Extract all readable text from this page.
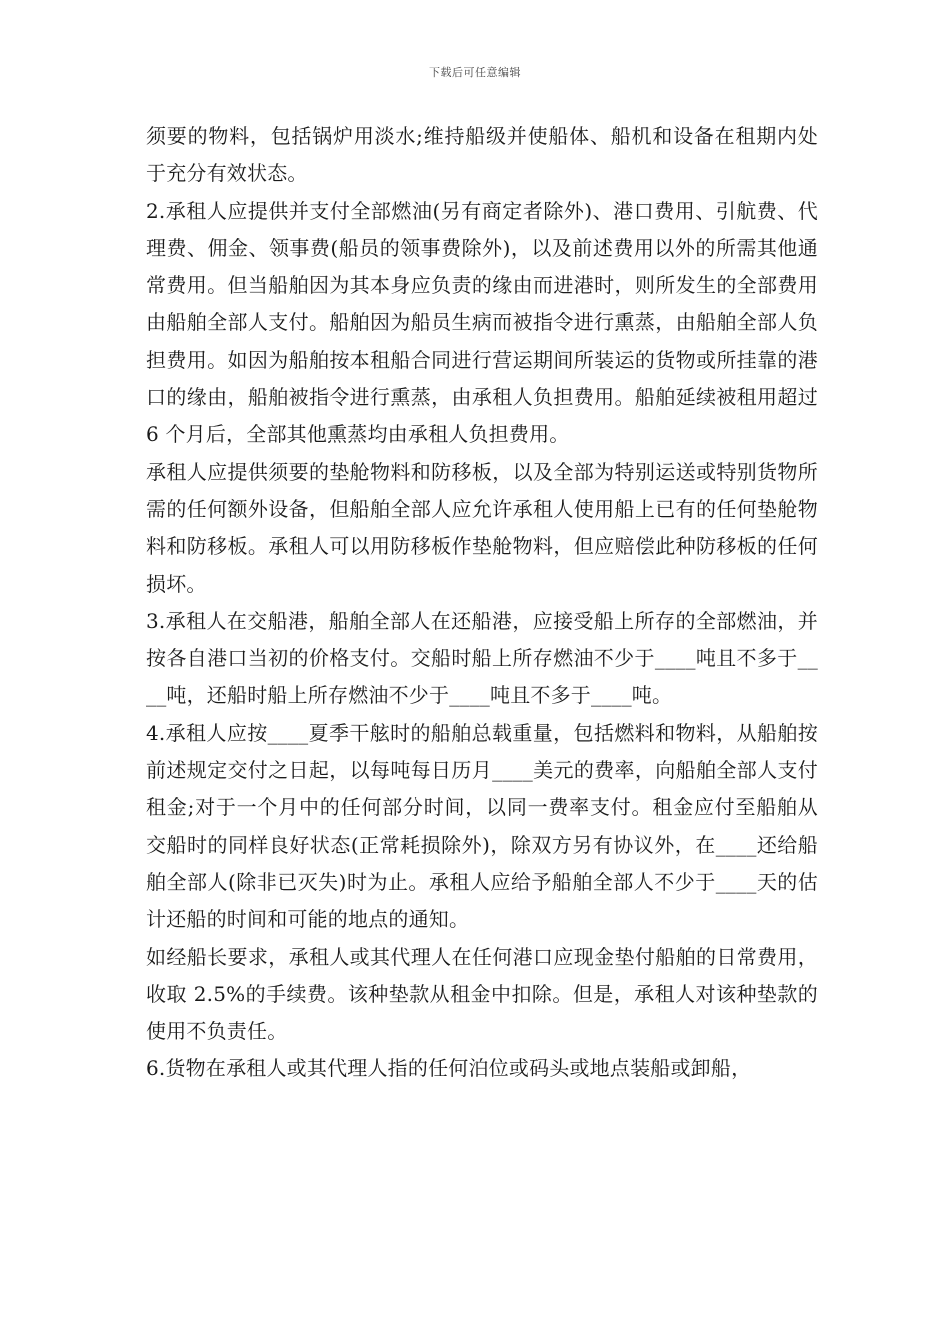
下载后可任意编辑

须要的物料，包括锅炉用淡水;维持船级并使船体、船机和设备在租期内处于充分有效状态。

2.承租人应提供并支付全部燃油(另有商定者除外)、港口费用、引航费、代理费、佣金、领事费(船员的领事费除外)，以及前述费用以外的所需其他通常费用。但当船舶因为其本身应负责的缘由而进港时，则所发生的全部费用由船舶全部人支付。船舶因为船员生病而被指令进行熏蒸，由船舶全部人负担费用。如因为船舶按本租船合同进行营运期间所装运的货物或所挂靠的港口的缘由，船舶被指令进行熏蒸，由承租人负担费用。船舶延续被租用超过 6 个月后，全部其他熏蒸均由承租人负担费用。

承租人应提供须要的垫舱物料和防移板，以及全部为特别运送或特别货物所需的任何额外设备，但船舶全部人应允许承租人使用船上已有的任何垫舱物料和防移板。承租人可以用防移板作垫舱物料，但应赔偿此种防移板的任何损坏。

3.承租人在交船港，船舶全部人在还船港，应接受船上所存的全部燃油，并按各自港口当初的价格支付。交船时船上所存燃油不少于____吨且不多于____吨，还船时船上所存燃油不少于____吨且不多于____吨。

4.承租人应按____夏季干舷时的船舶总载重量，包括燃料和物料，从船舶按前述规定交付之日起，以每吨每日历月____美元的费率，向船舶全部人支付租金;对于一个月中的任何部分时间，以同一费率支付。租金应付至船舶从交船时的同样良好状态(正常耗损除外)，除双方另有协议外，在____还给船舶全部人(除非已灭失)时为止。承租人应给予船舶全部人不少于____天的估计还船的时间和可能的地点的通知。

如经船长要求，承租人或其代理人在任何港口应现金垫付船舶的日常费用，收取 2.5%的手续费。该种垫款从租金中扣除。但是，承租人对该种垫款的使用不负责任。

6.货物在承租人或其代理人指的任何泊位或码头或地点装船或卸船，
